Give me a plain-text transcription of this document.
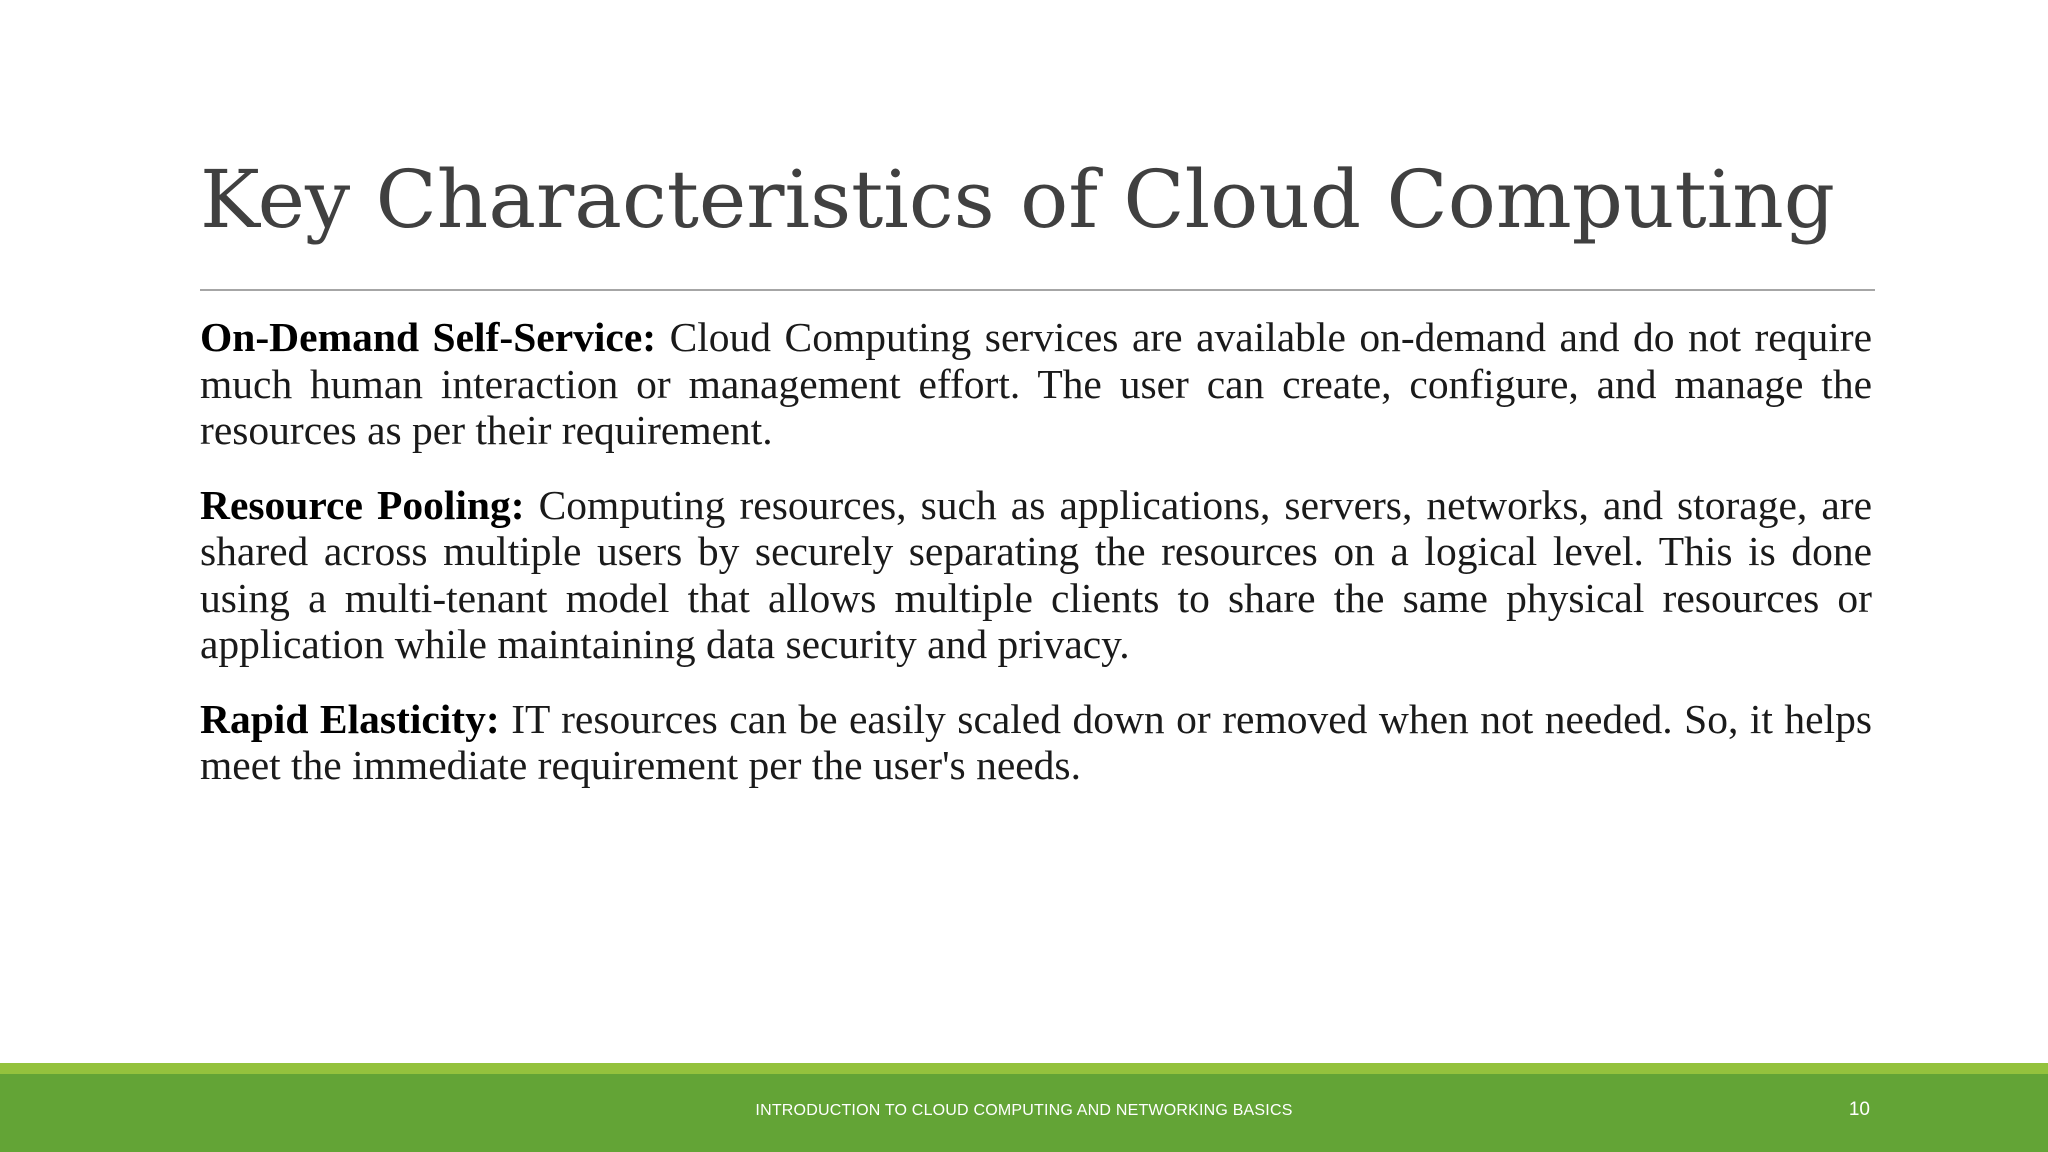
Key Characteristics of Cloud Computing

On-Demand Self-Service: Cloud Computing services are available on-demand and do not require much human interaction or management effort. The user can create, configure, and manage the resources as per their requirement.

Resource Pooling: Computing resources, such as applications, servers, networks, and storage, are shared across multiple users by securely separating the resources on a logical level. This is done using a multi-tenant model that allows multiple clients to share the same physical resources or application while maintaining data security and privacy.

Rapid Elasticity: IT resources can be easily scaled down or removed when not needed. So, it helps meet the immediate requirement per the user's needs.

INTRODUCTION TO CLOUD COMPUTING AND NETWORKING BASICS	10
